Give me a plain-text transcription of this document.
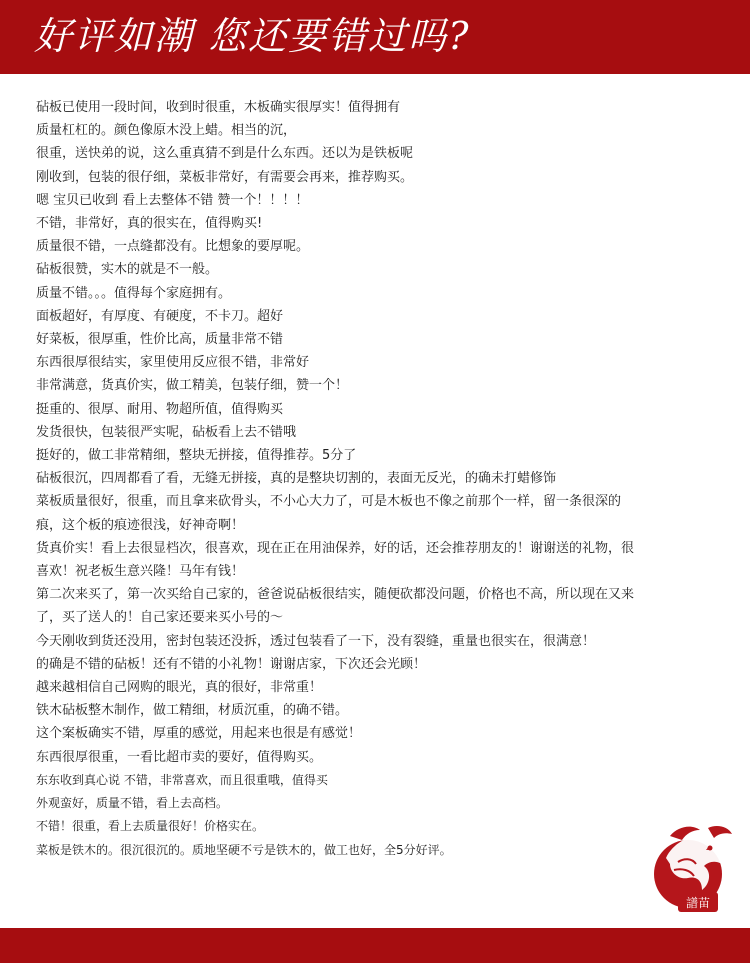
好评如潮 您还要错过吗?
砧板已使用一段时间，收到时很重，木板确实很厚实！值得拥有
质量杠杠的。颜色像原木没上蜡。相当的沉，
很重，送快弟的说，这么重真猜不到是什么东西。还以为是铁板呢
刚收到，包装的很仔细，菜板非常好，有需要会再来，推荐购买。
嗯 宝贝已收到 看上去整体不错 赞一个！！！！
不错，非常好，真的很实在，值得购买!
质量很不错，一点缝都没有。比想象的要厚呢。
砧板很赞，实木的就是不一般。
质量不错。。。值得每个家庭拥有。
面板超好，有厚度、有硬度，不卡刀。超好
好菜板，很厚重，性价比高，质量非常不错
东西很厚很结实，家里使用反应很不错，非常好
非常满意，货真价实，做工精美，包装仔细，赞一个！
挺重的、很厚、耐用、物超所值，值得购买
发货很快，包装很严实呢，砧板看上去不错哦
挺好的，做工非常精细，整块无拼接，值得推荐。5分了
砧板很沉，四周都看了看，无缝无拼接，真的是整块切割的，表面无反光，的确未打蜡修饰
菜板质量很好，很重，而且拿来砍骨头，不小心大力了，可是木板也不像之前那个一样，留一条很深的痕，这个板的痕迹很浅，好神奇啊！
货真价实！看上去很显档次，很喜欢，现在正在用油保养，好的话，还会推荐朋友的！谢谢送的礼物，很喜欢！祝老板生意兴隆！马年有钱！
第二次来买了，第一次买给自己家的，爸爸说砧板很结实，随便砍都没问题，价格也不高，所以现在又来了，买了送人的！自己家还要来买小号的～
今天刚收到货还没用，密封包装还没拆，透过包装看了一下，没有裂缝，重量也很实在，很满意！
的确是不错的砧板！还有不错的小礼物！谢谢店家，下次还会光顾！
越来越相信自己网购的眼光，真的很好，非常重！
铁木砧板整木制作，做工精细，材质沉重，的确不错。
这个案板确实不错，厚重的感觉，用起来也很是有感觉！
东西很厚很重，一看比超市卖的要好，值得购买。
东东收到真心说 不错，非常喜欢，而且很重哦，值得买
外观蛮好，质量不错，看上去高档。
不错！很重，看上去质量很好！价格实在。
菜板是铁木的。很沉很沉的。质地坚硬不亏是铁木的，做工也好，全5分好评。
譜苗
